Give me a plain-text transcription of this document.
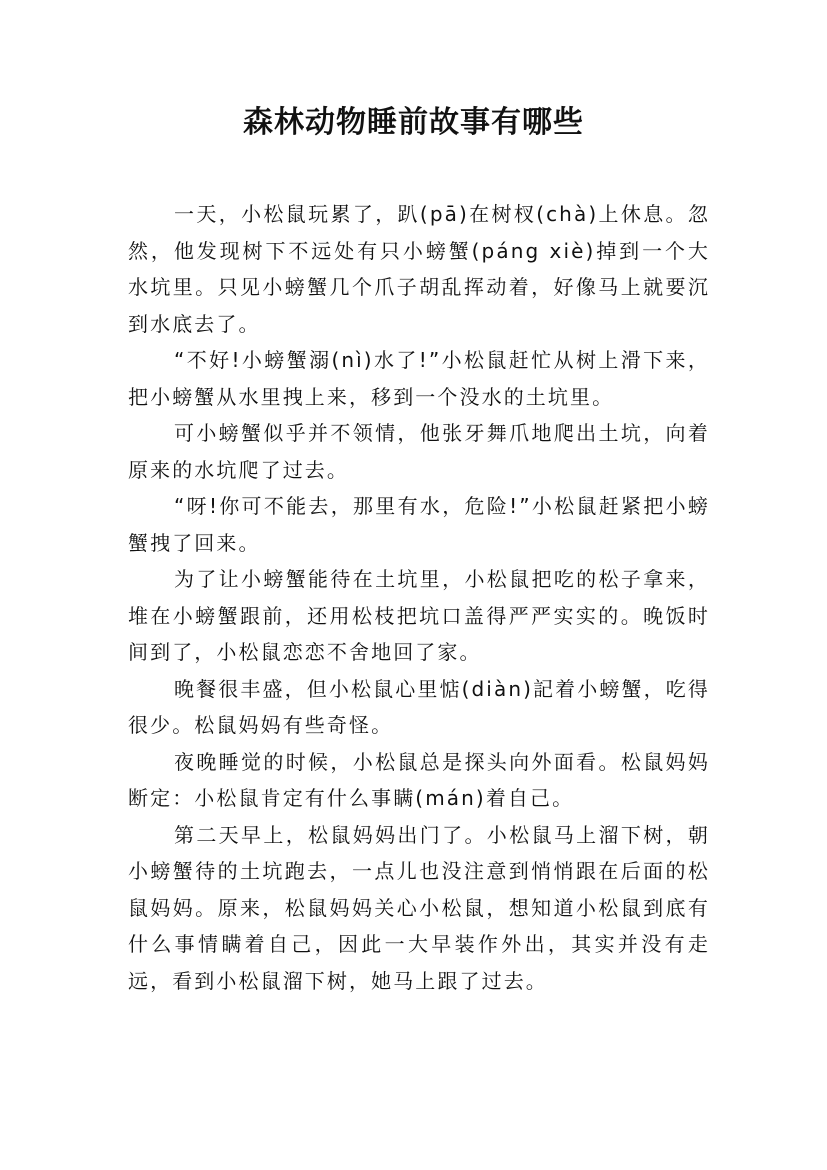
森林动物睡前故事有哪些

一天，小松鼠玩累了，趴(pā)在树杈(chà)上休息。忽然，他发现树下不远处有只小螃蟹(páng xiè)掉到一个大水坑里。只见小螃蟹几个爪子胡乱挥动着，好像马上就要沉到水底去了。

“不好!小螃蟹溺(nì)水了!”小松鼠赶忙从树上滑下来，把小螃蟹从水里拽上来，移到一个没水的土坑里。

可小螃蟹似乎并不领情，他张牙舞爪地爬出土坑，向着原来的水坑爬了过去。

“呀!你可不能去，那里有水，危险!”小松鼠赶紧把小螃蟹拽了回来。

为了让小螃蟹能待在土坑里，小松鼠把吃的松子拿来，堆在小螃蟹跟前，还用松枝把坑口盖得严严实实的。晚饭时间到了，小松鼠恋恋不舍地回了家。

晚餐很丰盛，但小松鼠心里惦(diàn)記着小螃蟹，吃得很少。松鼠妈妈有些奇怪。

夜晚睡觉的时候，小松鼠总是探头向外面看。松鼠妈妈断定：小松鼠肯定有什么事瞒(mán)着自己。

第二天早上，松鼠妈妈出门了。小松鼠马上溜下树，朝小螃蟹待的土坑跑去，一点儿也没注意到悄悄跟在后面的松鼠妈妈。原来，松鼠妈妈关心小松鼠，想知道小松鼠到底有什么事情瞒着自己，因此一大早装作外出，其实并没有走远，看到小松鼠溜下树，她马上跟了过去。
